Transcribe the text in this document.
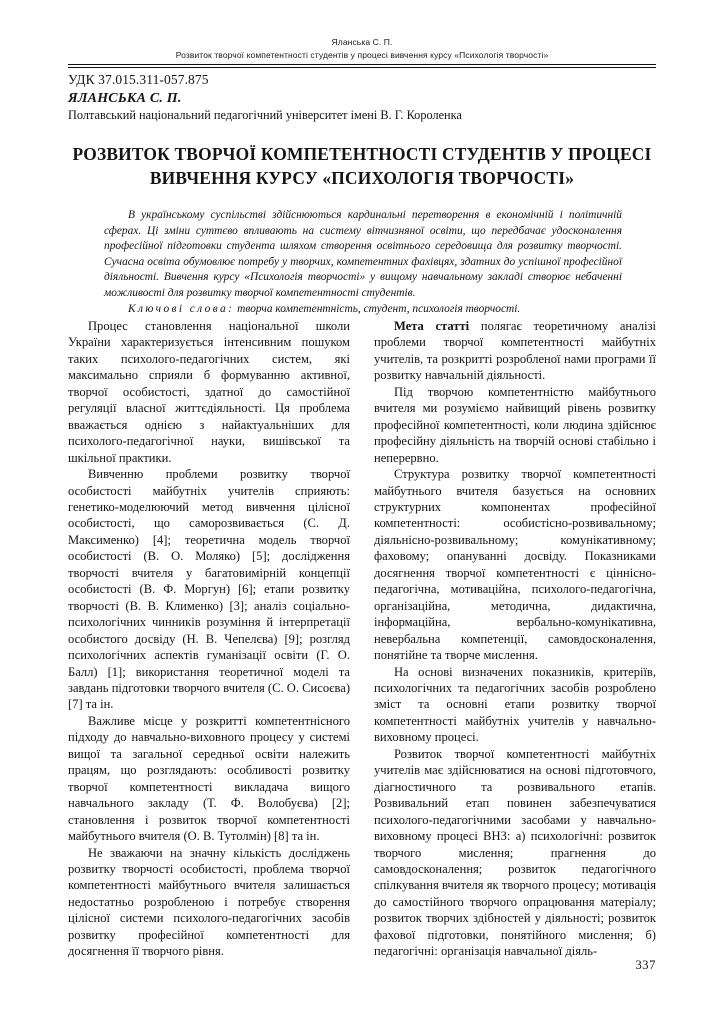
Яланська С. П.
Розвиток творчої компетентності студентів у процесі вивчення курсу «Психологія творчості»
УДК 37.015.311-057.875
ЯЛАНСЬКА С. П.
Полтавський національний педагогічний університет імені В. Г. Короленка
РОЗВИТОК ТВОРЧОЇ КОМПЕТЕНТНОСТІ СТУДЕНТІВ У ПРОЦЕСІ ВИВЧЕННЯ КУРСУ «ПСИХОЛОГІЯ ТВОРЧОСТІ»

В українському суспільстві здійснюються кардинальні перетворення в економічній і політичній сферах. Ці зміни суттєво впливають на систему вітчизняної освіти, що передбачає удосконалення професійної підготовки студента шляхом створення освітнього середовища для розвитку творчості. Сучасна освіта обумовлює потребу у творчих, компетентних фахівцях, здатних до успішної професійної діяльності. Вивчення курсу «Психологія творчості» у вищому навчальному закладі створює небаченні можливості для розвитку творчої компетентності студентів.

Ключові слова: творча компетентність, студент, психологія творчості.

Процес становлення національної школи України характеризується інтенсивним пошуком таких психолого-педагогічних систем, які максимально сприяли б формуванню активної, творчої особистості, здатної до самостійної регуляції власної життєдіяльності. Ця проблема вважається однією з найактуальніших для психолого-педагогічної науки, вишівської та шкільної практики.

Вивченню проблеми розвитку творчої особистості майбутніх учителів сприяють: генетико-моделюючий метод вивчення цілісної особистості, що саморозвивається (С. Д. Максименко) [4]; теоретична модель творчої особистості (В. О. Моляко) [5]; дослідження творчості вчителя у багатовимірній концепції особистості (В. Ф. Моргун) [6]; етапи розвитку творчості (В. В. Клименко) [3]; аналіз соціально-психологічних чинників розуміння й інтерпретації особистого досвіду (Н. В. Чепелєва) [9]; розгляд психологічних аспектів гуманізації освіти (Г. О. Балл) [1]; використання теоретичної моделі та завдань підготовки творчого вчителя (С. О. Сисоєва) [7] та ін.

Важливе місце у розкритті компетентнісного підходу до навчально-виховного процесу у системі вищої та загальної середньої освіти належить працям, що розглядають: особливості розвитку творчої компетентності викладача вищого навчального закладу (Т. Ф. Волобуєва) [2]; становлення і розвиток творчої компетентності майбутнього вчителя (О. В. Тутолмін) [8] та ін.

Не зважаючи на значну кількість досліджень розвитку творчості особистості, проблема творчої компетентності майбутнього вчителя залишається недостатньо розробленою і потребує створення цілісної системи психолого-педагогічних засобів розвитку професійної компетентності для досягнення її творчого рівня.

Мета статті полягає теоретичному аналізі проблеми творчої компетентності майбутніх учителів, та розкритті розробленої нами програми її розвитку навчальній діяльності.

Під творчою компетентністю майбутнього вчителя ми розуміємо найвищий рівень розвитку професійної компетентності, коли людина здійснює професійну діяльність на творчій основі стабільно і неперервно.

Структура розвитку творчої компетентності майбутнього вчителя базується на основних структурних компонентах професійної компетентності: особистісно-розвивальному; діяльнісно-розвивальному; комунікативному; фаховому; опануванні досвіду. Показниками досягнення творчої компетентності є ціннісно-педагогічна, мотиваційна, психолого-педагогічна, організаційна, методична, дидактична, інформаційна, вербально-комунікативна, невербальна компетенції, самовдосконалення, понятійне та творче мислення.

На основі визначених показників, критеріїв, психологічних та педагогічних засобів розроблено зміст та основні етапи розвитку творчої компетентності майбутніх учителів у навчально-виховному процесі.

Розвиток творчої компетентності майбутніх учителів має здійснюватися на основі підготовчого, діагностичного та розвивального етапів. Розвивальний етап повинен забезпечуватися психолого-педагогічними засобами у навчально-виховному процесі ВНЗ: а) психологічні: розвиток творчого мислення; прагнення до самовдосконалення; розвиток педагогічного спілкування вчителя як творчого процесу; мотивація до самостійного творчого опрацювання матеріалу; розвиток творчих здібностей у діяльності; розвиток фахової підготовки, понятійного мислення; б) педагогічні: організація навчальної діяль-

337
